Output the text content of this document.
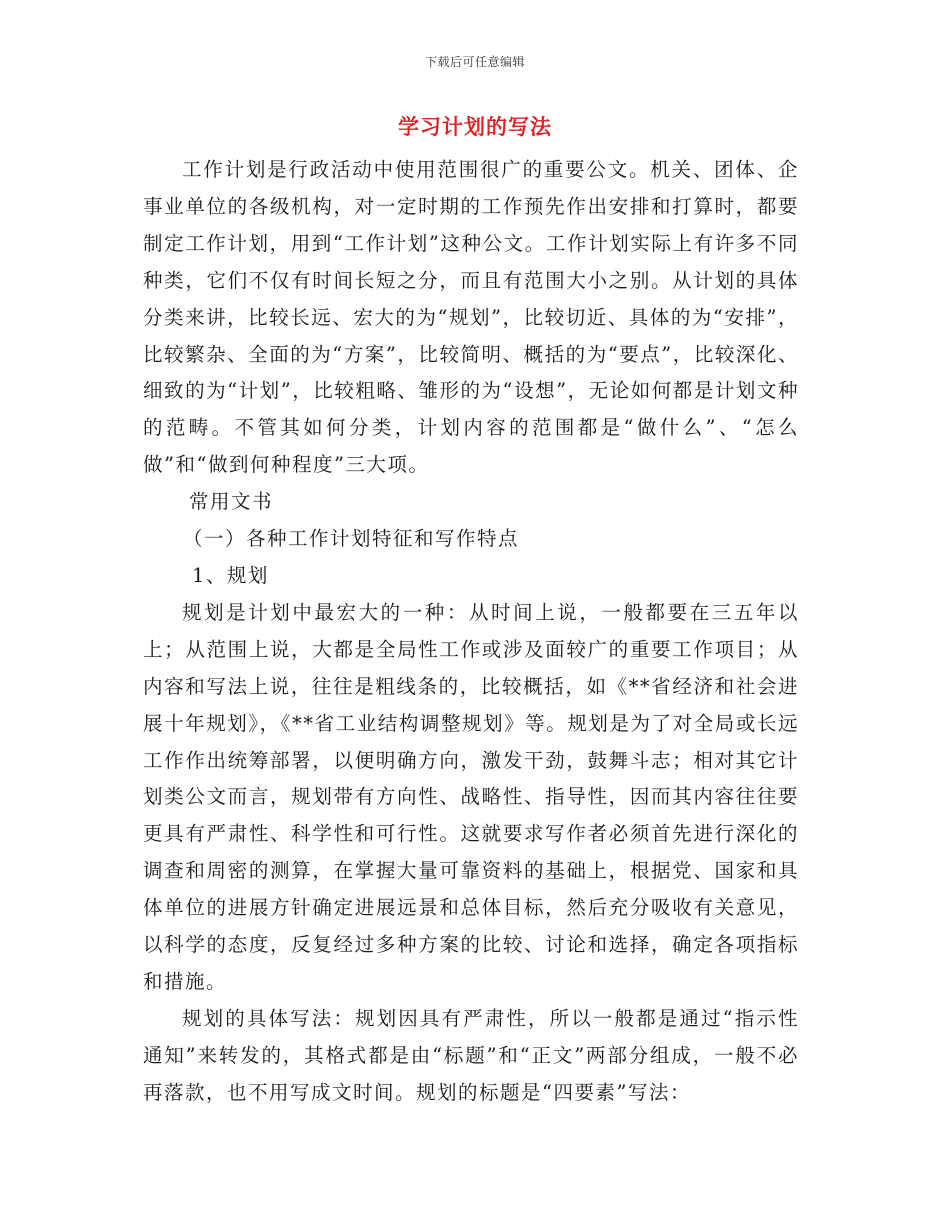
下载后可任意编辑
学习计划的写法

工作计划是行政活动中使用范围很广的重要公文。机关、团体、企事业单位的各级机构，对一定时期的工作预先作出安排和打算时，都要制定工作计划，用到“工作计划”这种公文。工作计划实际上有许多不同种类，它们不仅有时间长短之分，而且有范围大小之别。从计划的具体分类来讲，比较长远、宏大的为“规划”，比较切近、具体的为“安排”，比较繁杂、全面的为“方案”，比较简明、概括的为“要点”，比较深化、细致的为“计划”，比较粗略、雏形的为“设想”，无论如何都是计划文种的范畴。不管其如何分类，计划内容的范围都是“做什么”、“怎么做”和“做到何种程度”三大项。

常用文书

（一）各种工作计划特征和写作特点

1、规划

规划是计划中最宏大的一种：从时间上说，一般都要在三五年以上；从范围上说，大都是全局性工作或涉及面较广的重要工作项目；从内容和写法上说，往往是粗线条的，比较概括，如《**省经济和社会进展十年规划》，《**省工业结构调整规划》等。规划是为了对全局或长远工作作出统筹部署，以便明确方向，激发干劲，鼓舞斗志；相对其它计划类公文而言，规划带有方向性、战略性、指导性，因而其内容往往要更具有严肃性、科学性和可行性。这就要求写作者必须首先进行深化的调查和周密的测算，在掌握大量可靠资料的基础上，根据党、国家和具体单位的进展方针确定进展远景和总体目标，然后充分吸收有关意见，以科学的态度，反复经过多种方案的比较、讨论和选择，确定各项指标和措施。

规划的具体写法：规划因具有严肃性，所以一般都是通过“指示性通知”来转发的，其格式都是由“标题”和“正文”两部分组成，一般不必再落款，也不用写成文时间。规划的标题是“四要素”写法：
